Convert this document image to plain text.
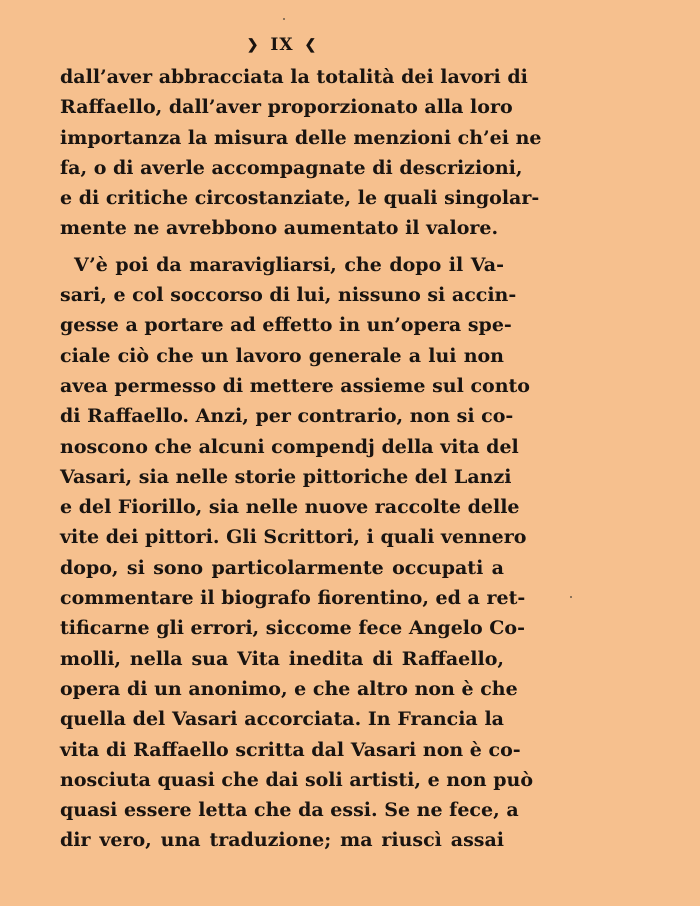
❯ IX ❮
dall’aver abbracciata la totalità dei lavori di
Raffaello, dall’aver proporzionato alla loro
importanza la misura delle menzioni ch’ei ne
fa, o di averle accompagnate di descrizioni,
e di critiche circostanziate, le quali singolar-
mente ne avrebbono aumentato il valore.
V’è poi da maravigliarsi, che dopo il Va-
sari, e col soccorso di lui, nissuno si accin-
gesse a portare ad effetto in un’opera spe-
ciale ciò che un lavoro generale a lui non
avea permesso di mettere assieme sul conto
di Raffaello. Anzi, per contrario, non si co-
noscono che alcuni compendj della vita del
Vasari, sia nelle storie pittoriche del Lanzi
e del Fiorillo, sia nelle nuove raccolte delle
vite dei pittori. Gli Scrittori, i quali vennero
dopo, si sono particolarmente occupati a
commentare il biografo fiorentino, ed a ret-
tificarne gli errori, siccome fece Angelo Co-
molli, nella sua Vita inedita di Raffaello,
opera di un anonimo, e che altro non è che
quella del Vasari accorciata. In Francia la
vita di Raffaello scritta dal Vasari non è co-
nosciuta quasi che dai soli artisti, e non può
quasi essere letta che da essi. Se ne fece, a
dir vero, una traduzione; ma riuscì assai
